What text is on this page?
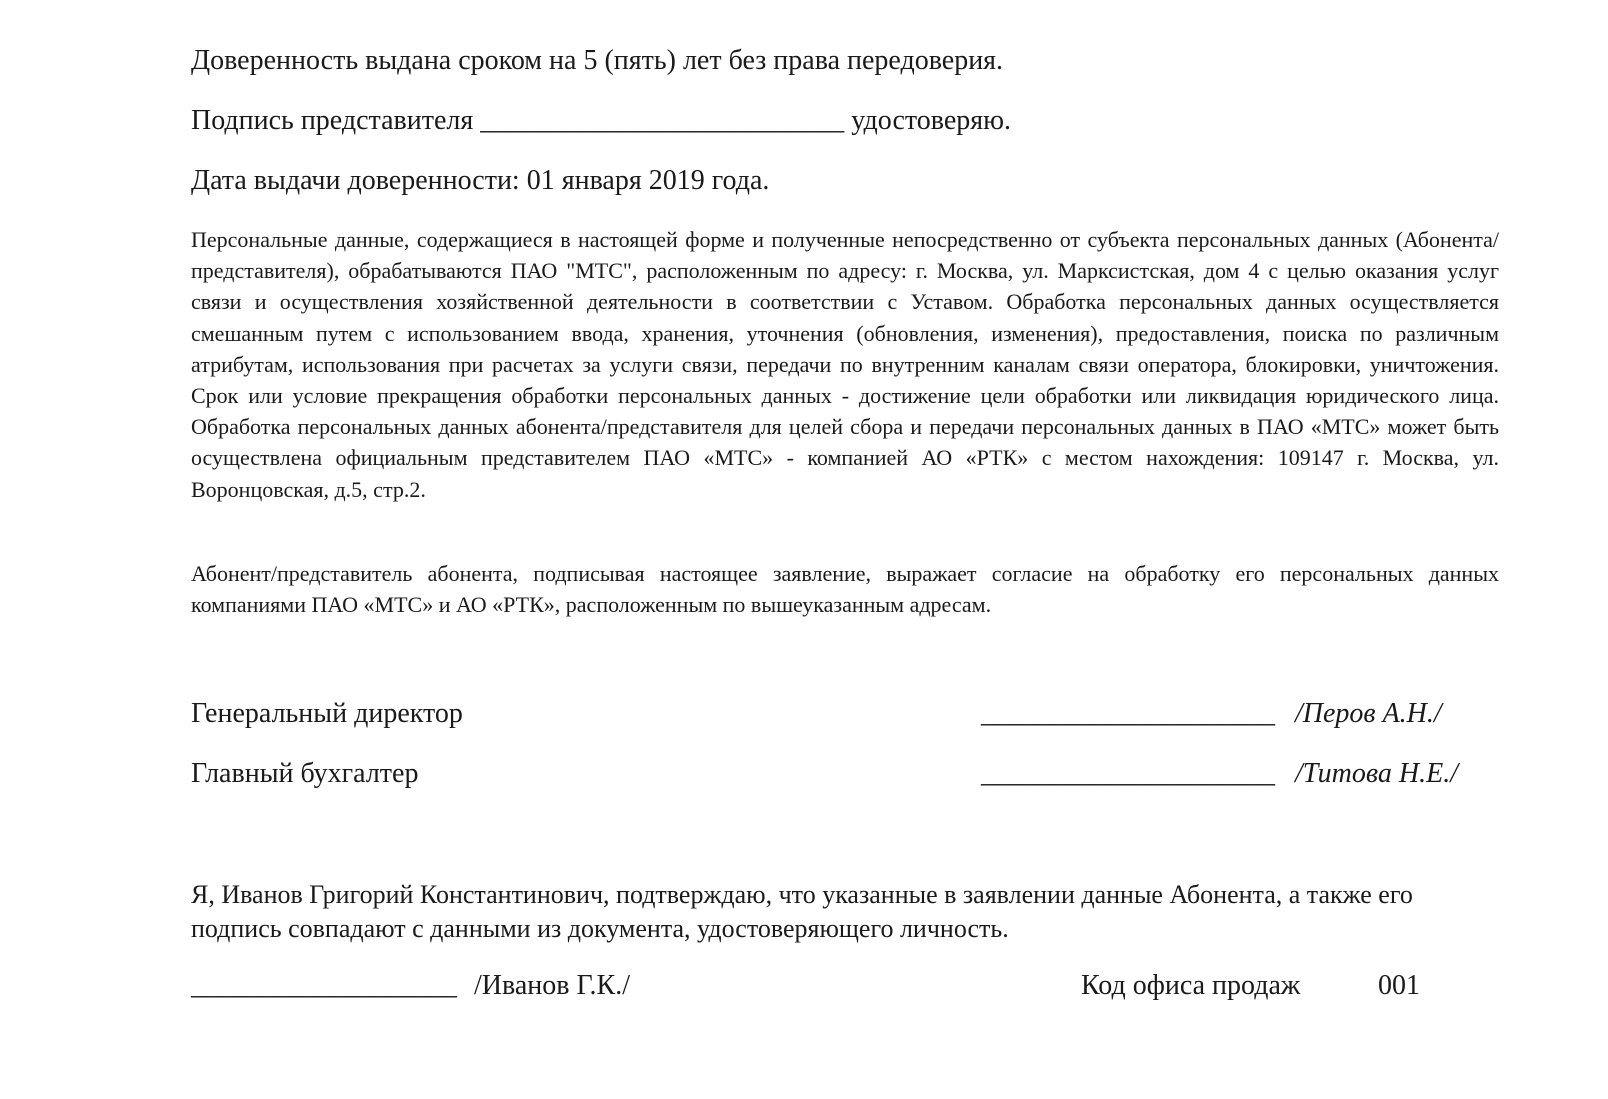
Доверенность выдана сроком на 5 (пять) лет без права передоверия.
Подпись представителя __________________________ удостоверяю.
Дата выдачи доверенности: 01 января 2019 года.
Персональные данные, содержащиеся в настоящей форме и полученные непосредственно от субъекта персональных данных (Абонента/представителя), обрабатываются ПАО "МТС", расположенным по адресу: г. Москва, ул. Марксистская, дом 4 с целью оказания услуг связи и осуществления хозяйственной деятельности в соответствии с Уставом. Обработка персональных данных осуществляется смешанным путем с использованием ввода, хранения, уточнения (обновления, изменения), предоставления, поиска по различным атрибутам, использования при расчетах за услуги связи, передачи по внутренним каналам связи оператора, блокировки, уничтожения. Срок или условие прекращения обработки персональных данных - достижение цели обработки или ликвидация юридического лица. Обработка персональных данных абонента/представителя для целей сбора и передачи персональных данных в ПАО «МТС» может быть осуществлена официальным представителем ПАО «МТС» - компанией АО «РТК» с местом нахождения: 109147 г. Москва, ул. Воронцовская, д.5, стр.2.
Абонент/представитель абонента, подписывая настоящее заявление, выражает согласие на обработку его персональных данных компаниями ПАО «МТС» и АО «РТК», расположенным по вышеуказанным адресам.
Генеральный директор	_____________________ /Перов А.Н./
Главный бухгалтер	_____________________ /Титова Н.Е./
Я, Иванов Григорий Константинович, подтверждаю, что указанные в заявлении данные Абонента, а также его подпись совпадают с данными из документа, удостоверяющего личность.
___________________ /Иванов Г.К./	Код офиса продаж	001
